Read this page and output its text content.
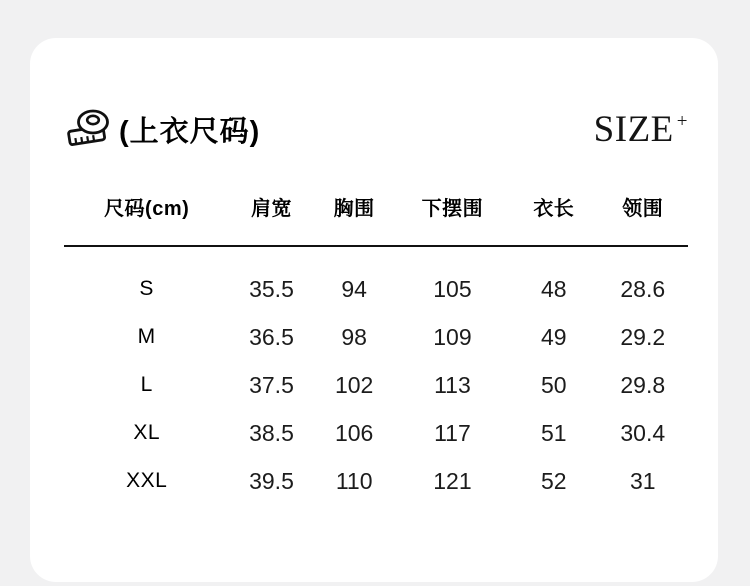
(上衣尺码)	SIZE +
尺码(cm)	肩宽	胸围	下摆围	衣长	领围
S	35.5	94	105	48	28.6
M	36.5	98	109	49	29.2
L	37.5	102	113	50	29.8
XL	38.5	106	117	51	30.4
XXL	39.5	110	121	52	31
